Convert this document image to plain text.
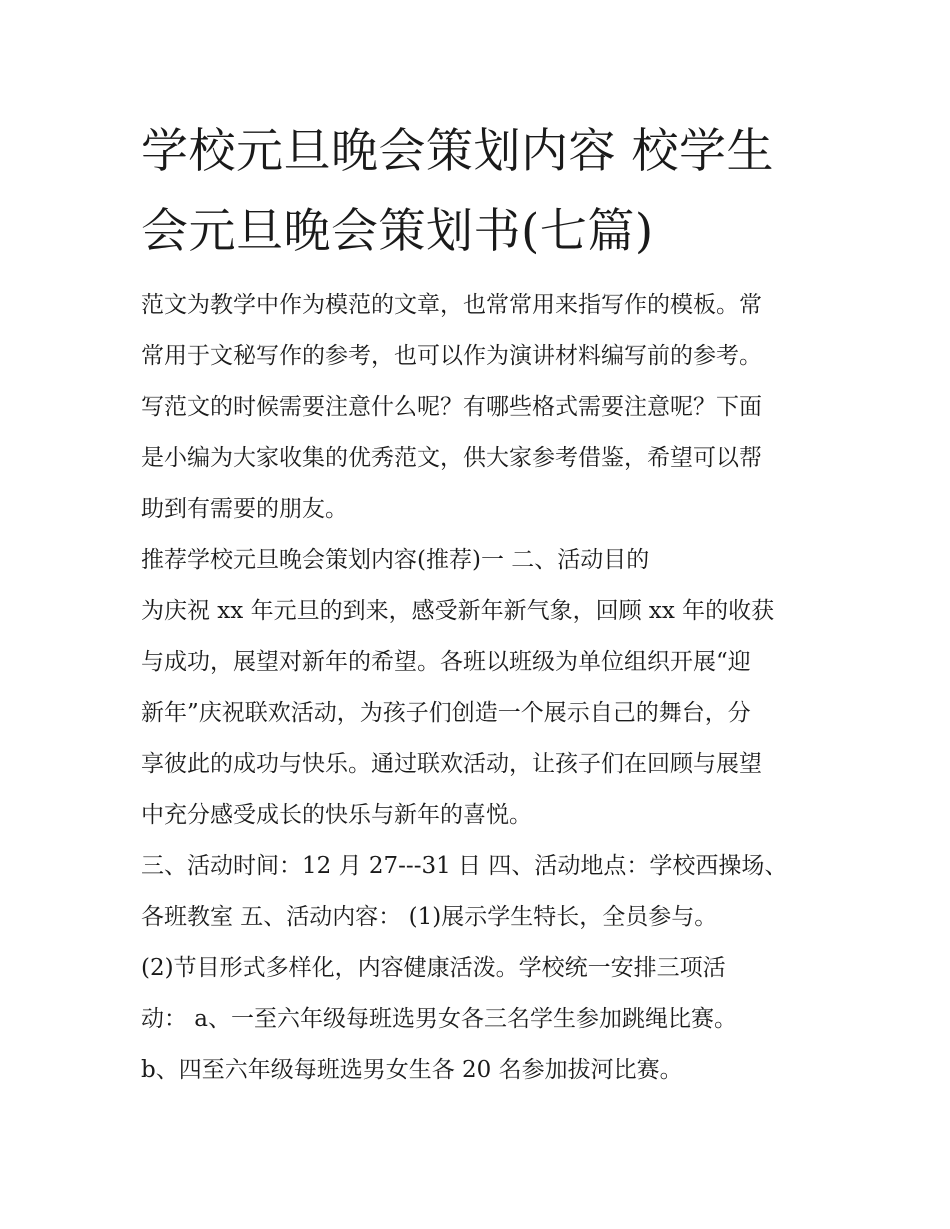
学校元旦晚会策划内容 校学生
会元旦晚会策划书(七篇)

范文为教学中作为模范的文章，也常常用来指写作的模板。常

常用于文秘写作的参考，也可以作为演讲材料编写前的参考。

写范文的时候需要注意什么呢？有哪些格式需要注意呢？下面

是小编为大家收集的优秀范文，供大家参考借鉴，希望可以帮

助到有需要的朋友。

推荐学校元旦晚会策划内容(推荐)一 二、活动目的

为庆祝 xx 年元旦的到来，感受新年新气象，回顾 xx 年的收获

与成功，展望对新年的希望。各班以班级为单位组织开展“迎

新年”庆祝联欢活动，为孩子们创造一个展示自己的舞台，分

享彼此的成功与快乐。通过联欢活动，让孩子们在回顾与展望

中充分感受成长的快乐与新年的喜悦。

三、活动时间：12 月 27---31 日 四、活动地点：学校西操场、

各班教室 五、活动内容： (1)展示学生特长，全员参与。

(2)节目形式多样化，内容健康活泼。学校统一安排三项活

动： a、一至六年级每班选男女各三名学生参加跳绳比赛。

b、四至六年级每班选男女生各 20 名参加拔河比赛。
